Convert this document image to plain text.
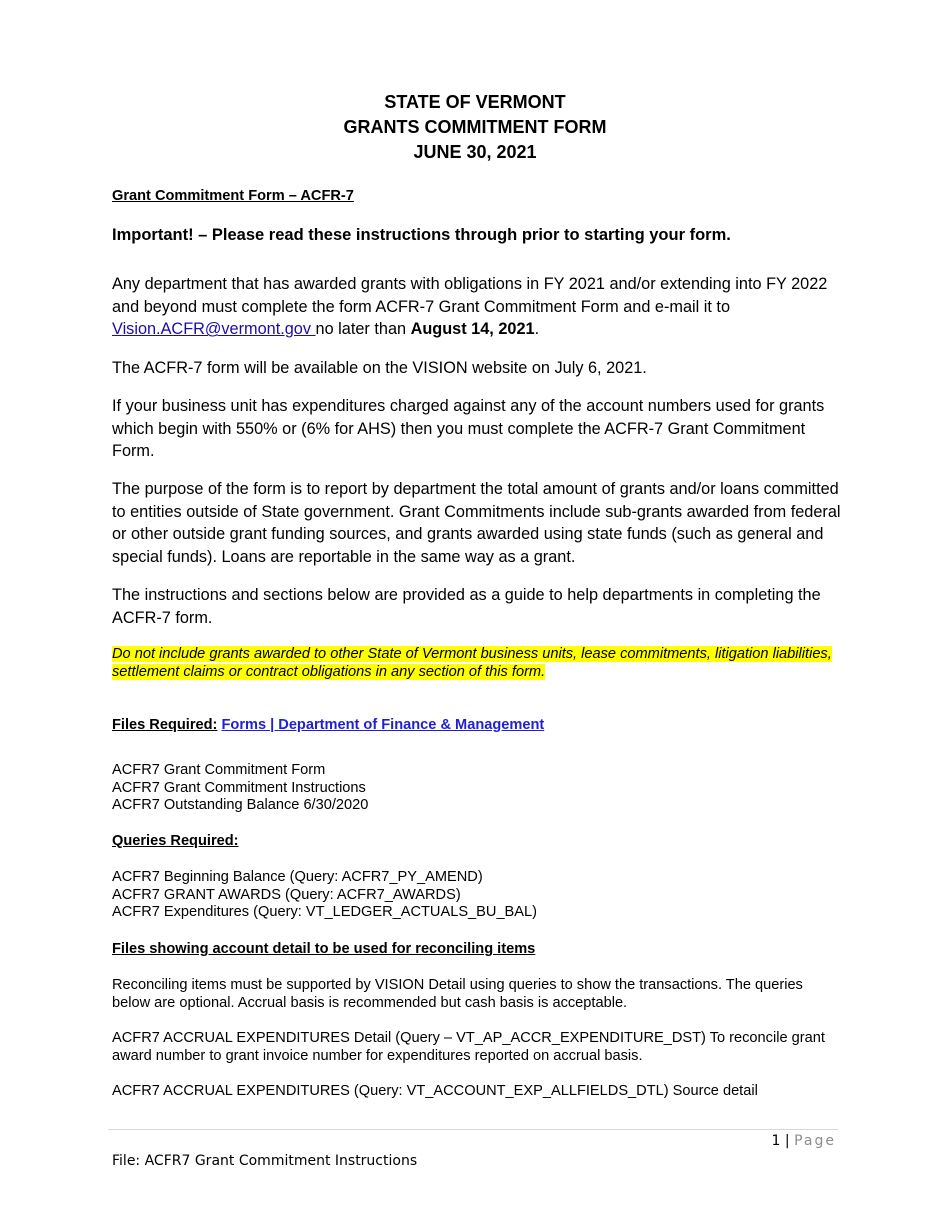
STATE OF VERMONT
GRANTS COMMITMENT FORM
JUNE 30, 2021
Grant Commitment Form – ACFR-7
Important! – Please read these instructions through prior to starting your form.
Any department that has awarded grants with obligations in FY 2021 and/or extending into FY 2022 and beyond must complete the form ACFR-7 Grant Commitment Form and e-mail it to Vision.ACFR@vermont.gov no later than August 14, 2021.
The ACFR-7 form will be available on the VISION website on July 6, 2021.
If your business unit has expenditures charged against any of the account numbers used for grants which begin with 550% or (6% for AHS) then you must complete the ACFR-7 Grant Commitment Form.
The purpose of the form is to report by department the total amount of grants and/or loans committed to entities outside of State government. Grant Commitments include sub-grants awarded from federal or other outside grant funding sources, and grants awarded using state funds (such as general and special funds). Loans are reportable in the same way as a grant.
The instructions and sections below are provided as a guide to help departments in completing the ACFR-7 form.
Do not include grants awarded to other State of Vermont business units, lease commitments, litigation liabilities, settlement claims or contract obligations in any section of this form.
Files Required: Forms | Department of Finance & Management
ACFR7 Grant Commitment Form
ACFR7 Grant Commitment Instructions
ACFR7 Outstanding Balance 6/30/2020
Queries Required:
ACFR7 Beginning Balance (Query: ACFR7_PY_AMEND)
ACFR7 GRANT AWARDS (Query: ACFR7_AWARDS)
ACFR7 Expenditures (Query: VT_LEDGER_ACTUALS_BU_BAL)
Files showing account detail to be used for reconciling items
Reconciling items must be supported by VISION Detail using queries to show the transactions. The queries below are optional. Accrual basis is recommended but cash basis is acceptable.
ACFR7 ACCRUAL EXPENDITURES Detail (Query – VT_AP_ACCR_EXPENDITURE_DST) To reconcile grant award number to grant invoice number for expenditures reported on accrual basis.
ACFR7 ACCRUAL EXPENDITURES (Query: VT_ACCOUNT_EXP_ALLFIELDS_DTL) Source detail
1 | Page
File: ACFR7 Grant Commitment Instructions
